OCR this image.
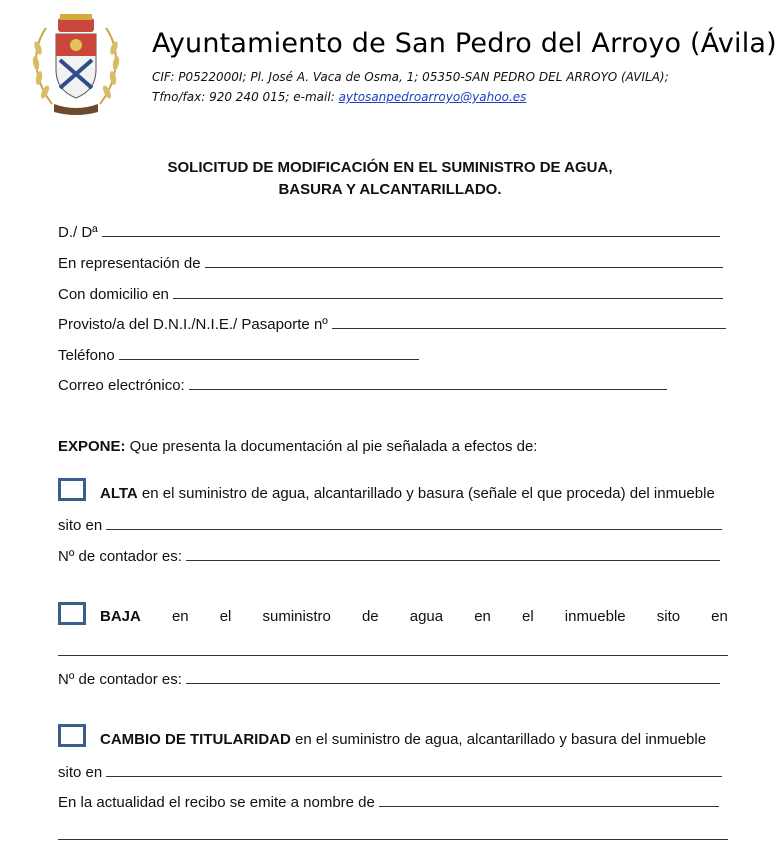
Ayuntamiento de San Pedro del Arroyo (Ávila)
CIF: P0522000I; Pl. José A. Vaca de Osma, 1; 05350-SAN PEDRO DEL ARROYO (AVILA);
Tfno/fax: 920 240 015; e-mail: aytosanpedroarroyo@yahoo.es
SOLICITUD DE MODIFICACIÓN EN EL SUMINISTRO DE AGUA,
BASURA Y ALCANTARILLADO.
D./ Dª
En representación de
Con domicilio en
Provisto/a del D.N.I./N.I.E./ Pasaporte nº
Teléfono
Correo electrónico:
EXPONE: Que presenta la documentación al pie señalada a efectos de:
ALTA en el suministro de agua, alcantarillado y basura (señale el que proceda) del inmueble
sito en
Nº de contador es:
BAJA en el suministro de agua en el inmueble sito en
Nº de contador es:
CAMBIO DE TITULARIDAD en el suministro de agua, alcantarillado y basura del inmueble
sito en
En la actualidad el recibo se emite a nombre de
